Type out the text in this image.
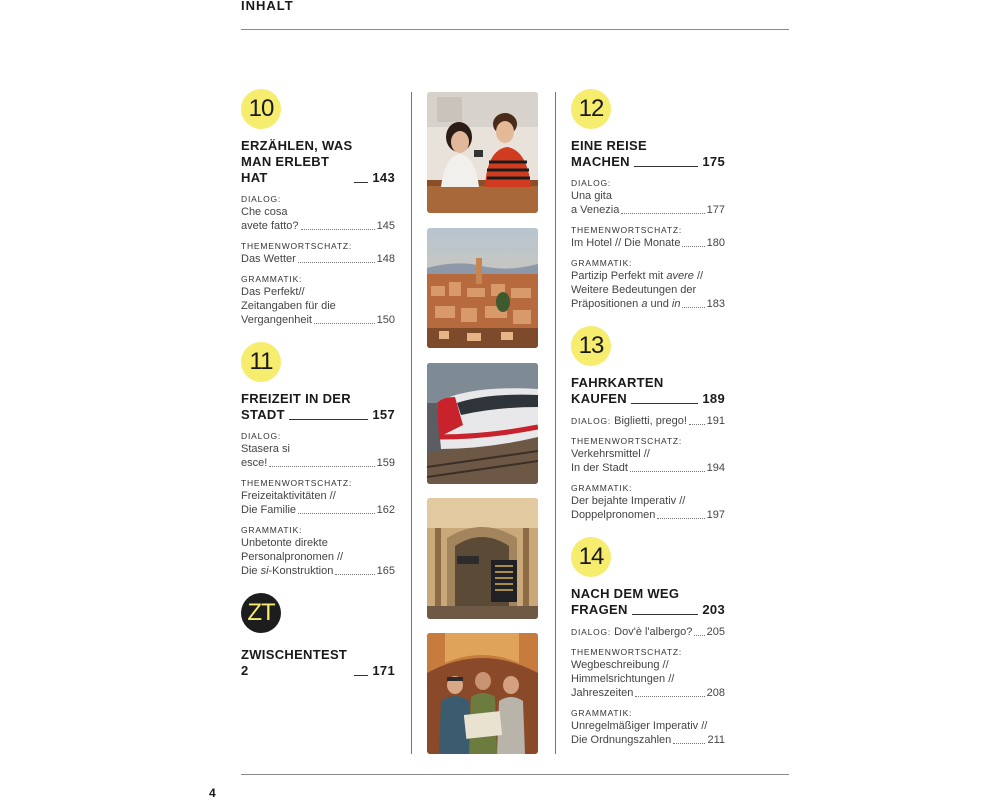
INHALT
10
ERZÄHLEN, WAS
MAN ERLEBT HAT	143
DIALOG:
Che cosa
avete fatto?	145
THEMENWORTSCHATZ:
Das Wetter	148
GRAMMATIK:
Das Perfekt//
Zeitangaben für die
Vergangenheit	150
11
FREIZEIT IN DER
STADT	157
DIALOG:
Stasera si
esce!	159
THEMENWORTSCHATZ:
Freizeitaktivitäten //
Die Familie	162
GRAMMATIK:
Unbetonte direkte
Personalpronomen //
Die si-Konstruktion	165
ZT
ZWISCHENTEST 2	171
12
EINE REISE
MACHEN	175
DIALOG:
Una gita
a Venezia	177
THEMENWORTSCHATZ:
Im Hotel // Die Monate 180
GRAMMATIK:
Partizip Perfekt mit avere //
Weitere Bedeutungen der
Präpositionen a und in 183
13
FAHRKARTEN
KAUFEN	189
DIALOG: Biglietti, prego! 191
THEMENWORTSCHATZ:
Verkehrsmittel //
In der Stadt	194
GRAMMATIK:
Der bejahte Imperativ //
Doppelpronomen	197
14
NACH DEM WEG
FRAGEN	203
DIALOG: Dov'è l'albergo? 205
THEMENWORTSCHATZ:
Wegbeschreibung //
Himmelsrichtungen //
Jahreszeiten	208
GRAMMATIK:
Unregelmäßiger Imperativ //
Die Ordnungszahlen	211
4
